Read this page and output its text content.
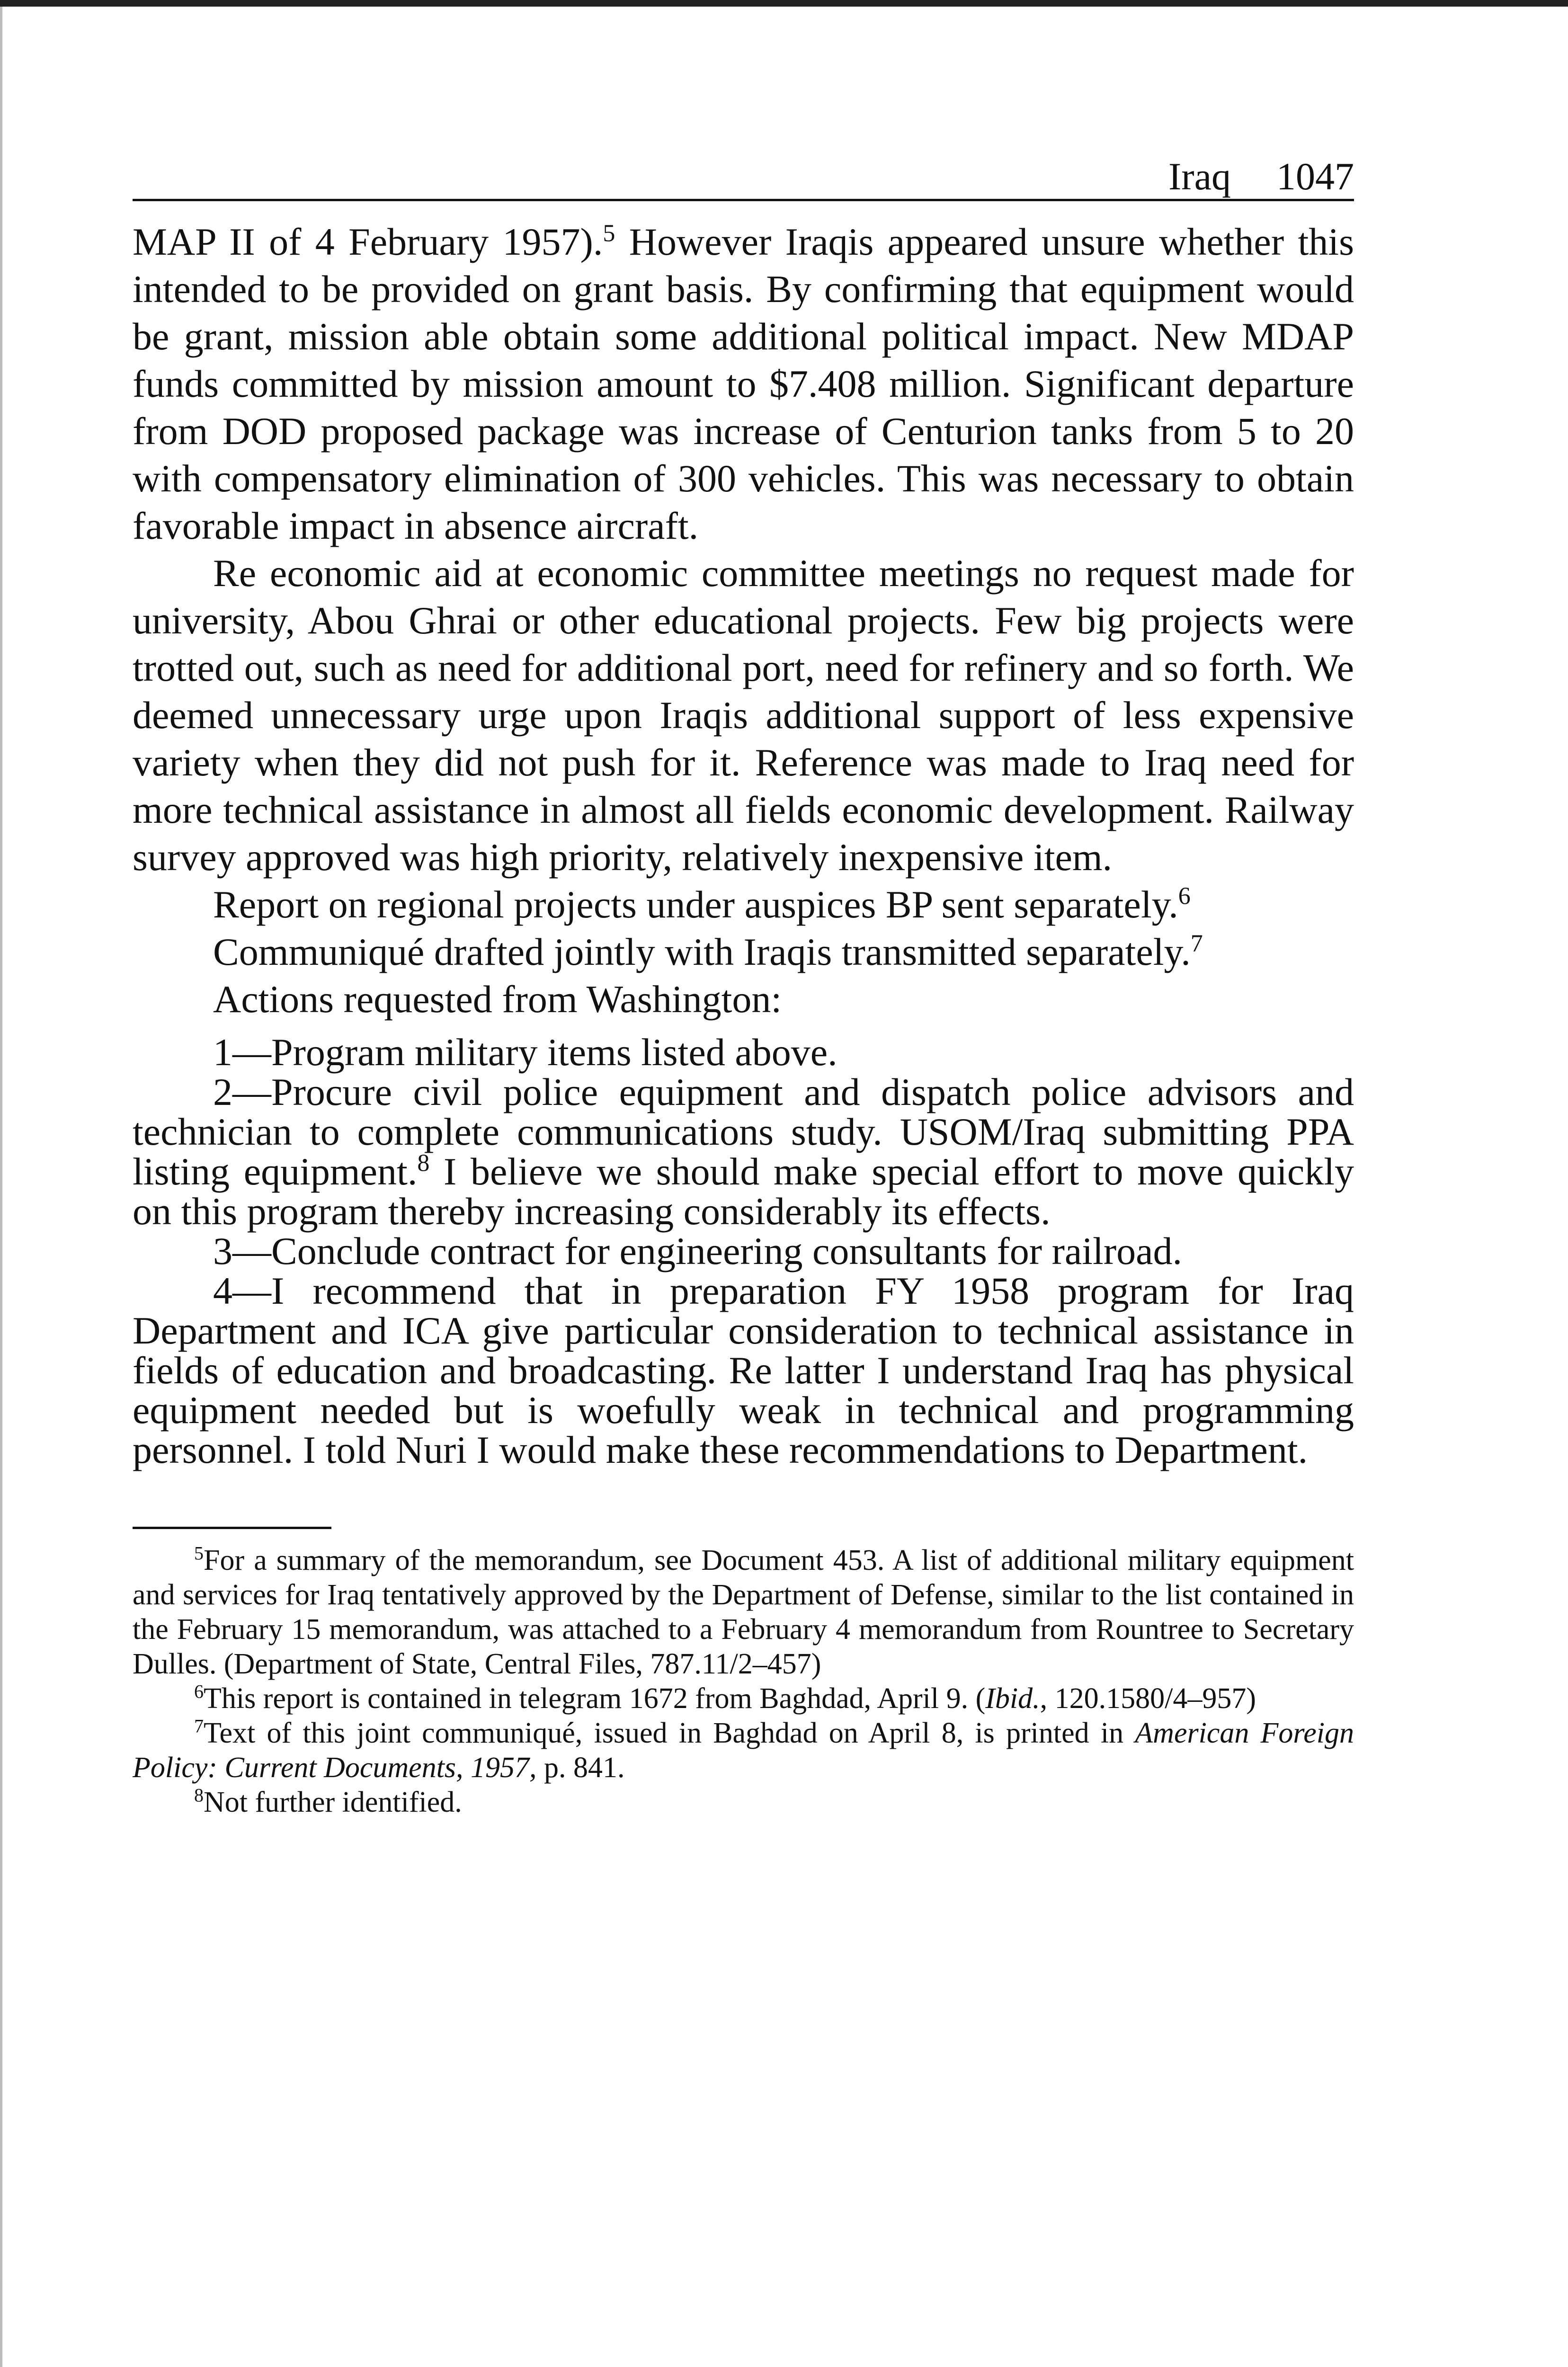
Iraq 1047

MAP II of 4 February 1957).$^5$ However Iraqis appeared unsure whether this intended to be provided on grant basis. By confirming that equipment would be grant, mission able obtain some additional political impact. New MDAP funds committed by mission amount to $7.408 million. Significant departure from DOD proposed package was increase of Centurion tanks from 5 to 20 with compensatory elimination of 300 vehicles. This was necessary to obtain favorable impact in absence aircraft.

Re economic aid at economic committee meetings no request made for university, Abou Ghrai or other educational projects. Few big projects were trotted out, such as need for additional port, need for refinery and so forth. We deemed unnecessary urge upon Iraqis additional support of less expensive variety when they did not push for it. Reference was made to Iraq need for more technical assistance in almost all fields economic development. Railway survey approved was high priority, relatively inexpensive item.

Report on regional projects under auspices BP sent separately.$^6$

Communiqué drafted jointly with Iraqis transmitted separately.$^7$

Actions requested from Washington:

1—Program military items listed above.

2—Procure civil police equipment and dispatch police advisors and technician to complete communications study. USOM/Iraq submitting PPA listing equipment.$^8$ I believe we should make special effort to move quickly on this program thereby increasing considerably its effects.

3—Conclude contract for engineering consultants for railroad.

4—I recommend that in preparation FY 1958 program for Iraq Department and ICA give particular consideration to technical assistance in fields of education and broadcasting. Re latter I understand Iraq has physical equipment needed but is woefully weak in technical and programming personnel. I told Nuri I would make these recommendations to Department.

$^5$For a summary of the memorandum, see Document 453. A list of additional military equipment and services for Iraq tentatively approved by the Department of Defense, similar to the list contained in the February 15 memorandum, was attached to a February 4 memorandum from Rountree to Secretary Dulles. (Department of State, Central Files, 787.11/2–457)

$^6$This report is contained in telegram 1672 from Baghdad, April 9. (Ibid., 120.1580/4–957)

$^7$Text of this joint communiqué, issued in Baghdad on April 8, is printed in American Foreign Policy: Current Documents, 1957, p. 841.

$^8$Not further identified.
